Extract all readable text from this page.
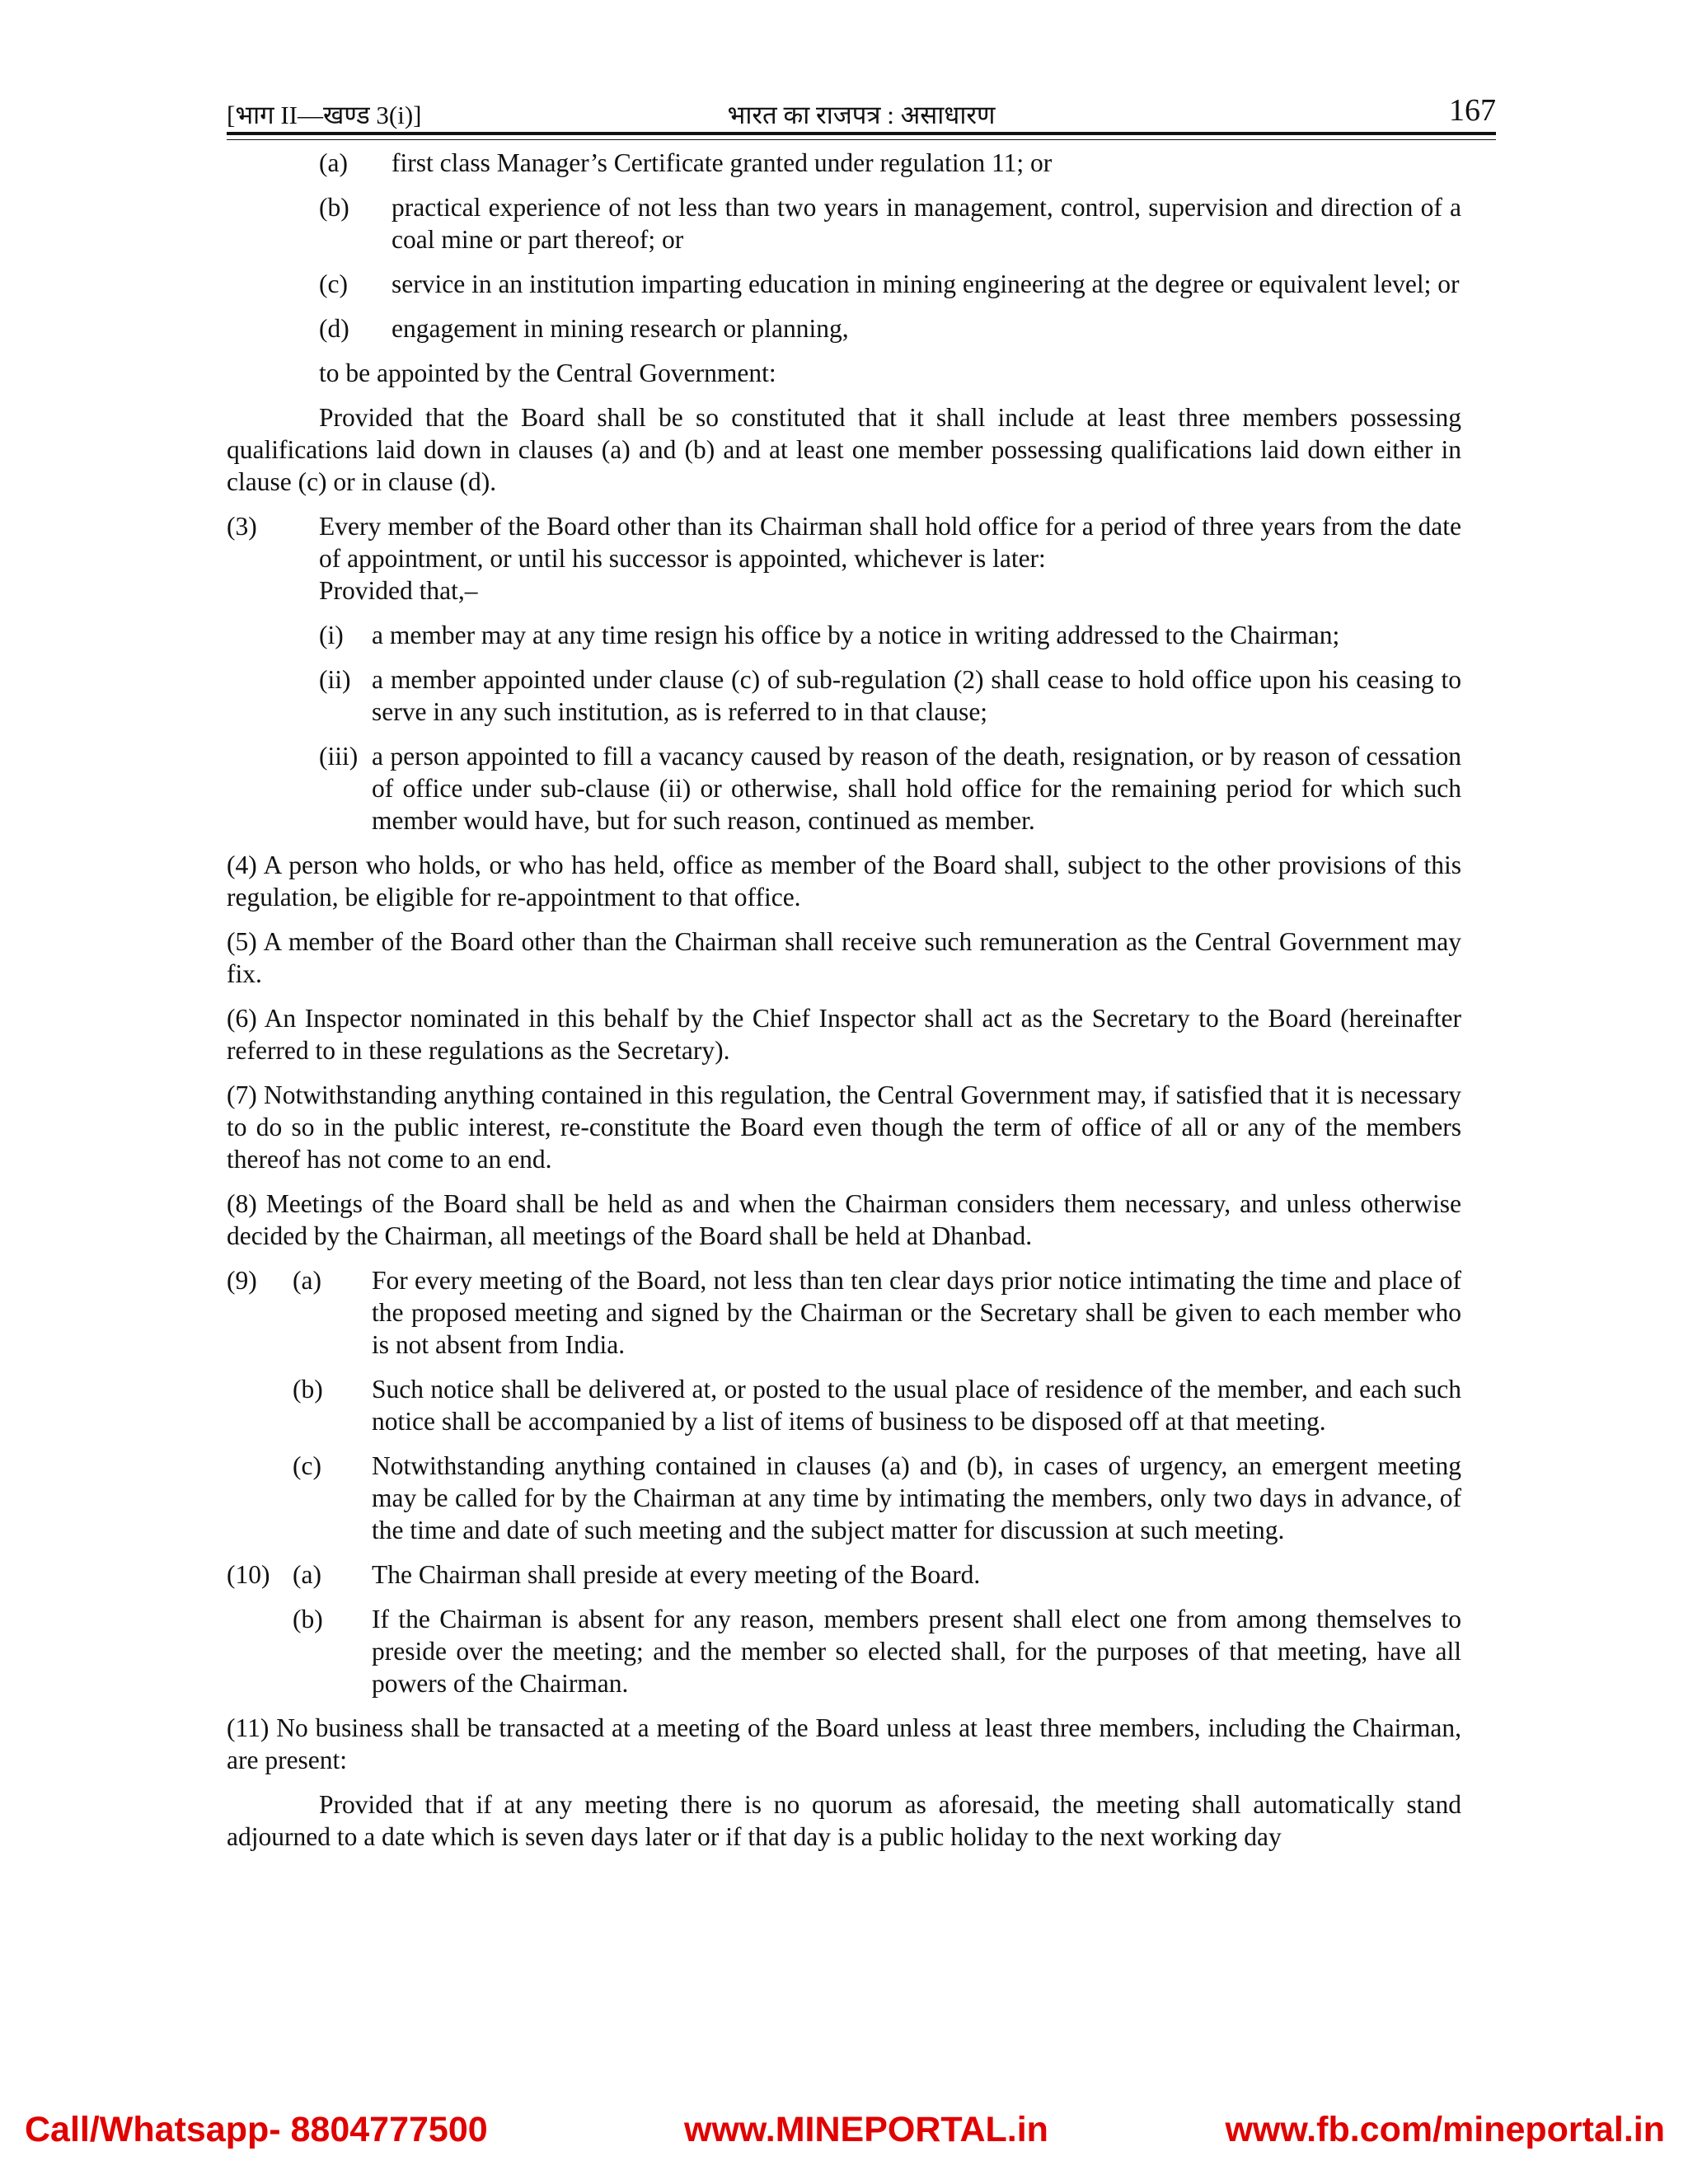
[भाग II—खण्ड 3(i)]	भारत का राजपत्र : असाधारण	167
(a)	first class Manager’s Certificate granted under regulation 11; or
(b)	practical experience of not less than two years in management, control, supervision and direction of a coal mine or part thereof; or
(c)	service in an institution imparting education in mining engineering at the degree or equivalent level; or
(d)	engagement in mining research or planning,

to be appointed by the Central Government:

Provided that the Board shall be so constituted that it shall include at least three members possessing qualifications laid down in clauses (a) and (b) and at least one member possessing qualifications laid down either in clause (c) or in clause (d).

(3)	Every member of the Board other than its Chairman shall hold office for a period of three years from the date of appointment, or until his successor is appointed, whichever is later:

Provided that,–

(i)	a member may at any time resign his office by a notice in writing addressed to the Chairman;
(ii) a member appointed under clause (c) of sub-regulation (2) shall cease to hold office upon his ceasing to serve in any such institution, as is referred to in that clause;
(iii) a person appointed to fill a vacancy caused by reason of the death, resignation, or by reason of cessation of office under sub-clause (ii) or otherwise, shall hold office for the remaining period for which such member would have, but for such reason, continued as member.

(4) A person who holds, or who has held, office as member of the Board shall, subject to the other provisions of this regulation, be eligible for re-appointment to that office.

(5) A member of the Board other than the Chairman shall receive such remuneration as the Central Government may fix.

(6) An Inspector nominated in this behalf by the Chief Inspector shall act as the Secretary to the Board (hereinafter referred to in these regulations as the Secretary).

(7) Notwithstanding anything contained in this regulation, the Central Government may, if satisfied that it is necessary to do so in the public interest, re-constitute the Board even though the term of office of all or any of the members thereof has not come to an end.

(8) Meetings of the Board shall be held as and when the Chairman considers them necessary, and unless otherwise decided by the Chairman, all meetings of the Board shall be held at Dhanbad.

(9)	(a)	For every meeting of the Board, not less than ten clear days prior notice intimating the time and place of the proposed meeting and signed by the Chairman or the Secretary shall be given to each member who is not absent from India.
(b)	Such notice shall be delivered at, or posted to the usual place of residence of the member, and each such notice shall be accompanied by a list of items of business to be disposed off at that meeting.
(c)	Notwithstanding anything contained in clauses (a) and (b), in cases of urgency, an emergent meeting may be called for by the Chairman at any time by intimating the members, only two days in advance, of the time and date of such meeting and the subject matter for discussion at such meeting.
(10) (a)	The Chairman shall preside at every meeting of the Board.
(b)	If the Chairman is absent for any reason, members present shall elect one from among themselves to preside over the meeting; and the member so elected shall, for the purposes of that meeting, have all powers of the Chairman.

(11) No business shall be transacted at a meeting of the Board unless at least three members, including the Chairman, are present:

Provided that if at any meeting there is no quorum as aforesaid, the meeting shall automatically stand adjourned to a date which is seven days later or if that day is a public holiday to the next working day

Call/Whatsapp- 8804777500	www.MINEPORTAL.in	www.fb.com/mineportal.in
